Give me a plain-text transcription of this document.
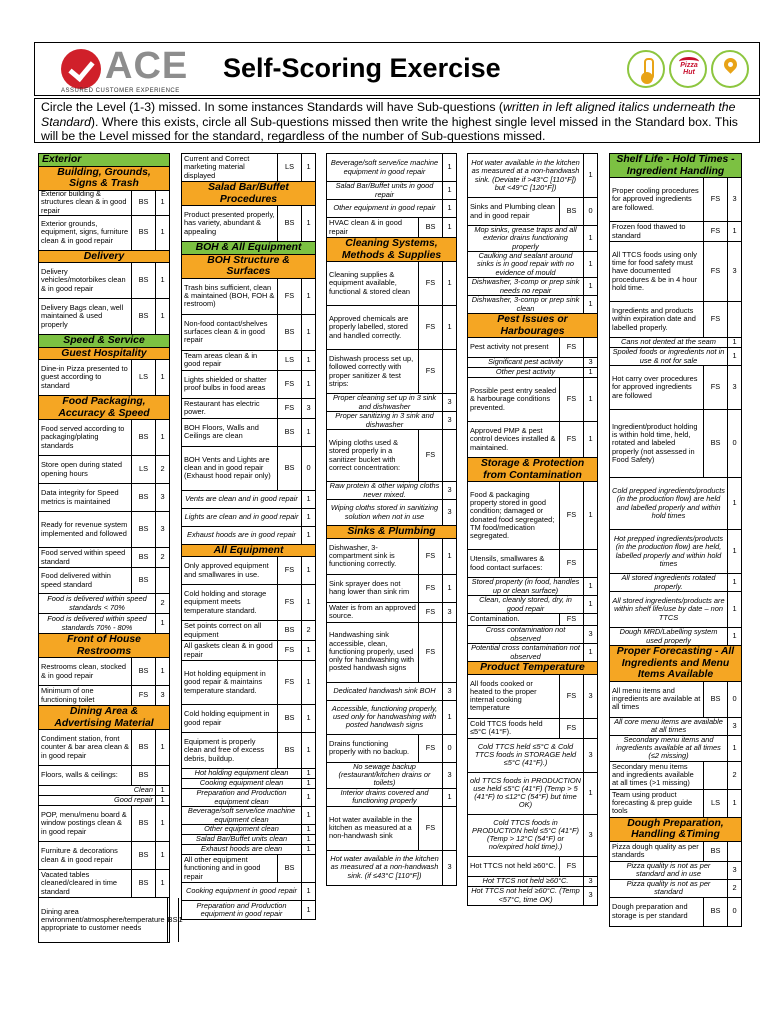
ACE
ASSURED CUSTOMER EXPERIENCE
Self-Scoring Exercise	Pizza Hut
Circle the Level (1-3) missed. In some instances Standards will have Sub-questions (written in left aligned italics underneath the Standard). Where this exists, circle all Sub-questions missed then write the highest single level missed in the Standard box. This will be the Level missed for the standard, regardless of the number of Sub-questions missed.
Exterior
Building, Grounds, Signs & Trash
Exterior building & structures clean & in good repair
BS	1
Exterior grounds, equipment, signs, furniture clean & in good repair
BS	1
Delivery
Delivery vehicles/motorbikes clean & in good repair
BS	1
Delivery Bags clean, well maintained & used properly
BS	1
Speed & Service
Guest Hospitality
Dine-in Pizza presented to guest according to standard
LS	1
Food Packaging, Accuracy & Speed
Food served according to packaging/plating standards
BS	1
Store open during stated opening hours	LS	2
Data integrity for Speed metrics is maintained	BS	3
Ready for revenue system implemented and followed	BS	3
Food served within speed standard	BS	2
Food delivered within speed standard	BS
Food is delivered within speed standards < 70%	2
Food is delivered within speed standards 70% - 80%	1
Front of House Restrooms
Restrooms clean, stocked & in good repair	BS	1
Minimum of one functioning toilet	FS	3
Dining Area & Advertising Material
Condiment station, front counter & bar area clean & in good repair
BS	1
Floors, walls & ceilings:	BS
Clean	1
Good repair	1
POP, menu/menu board & window postings clean & in good repair
BS	1
Furniture & decorations clean & in good repair	BS	1
Vacated tables cleaned/cleared in time standard
BS	1
Dining area environment/atmosphere/temperature appropriate to customer needs
BS 1
Current and Correct marketing material displayed
LS	1
Salad Bar/Buffet Procedures
Product presented properly, has variety, abundant & appealing
BS	1
BOH & All Equipment
BOH Structure & Surfaces
Trash bins sufficient, clean & maintained (BOH, FOH & restroom)
FS	1
Non-food contact/shelves surfaces clean & in good repair
BS	1
Team areas clean & in good repair	LS	1
Lights shielded or shatter proof bulbs in food areas	FS	1
Restaurant has electric power.	FS	3
BOH Floors, Walls and Ceilings are clean	BS	1
BOH Vents and Lights are clean and in good repair (Exhaust hood repair only)
BS	0
Vents are clean and in good repair	1
Lights are clean and in good repair	1
Exhaust hoods are in good repair	1
All Equipment
Only approved equipment and smallwares in use.	FS	1
Cold holding and storage equipment meets temperature standard.
FS	1
Set points correct on all equipment	BS	2
All gaskets clean & in good repair	FS	1
Hot holding equipment in good repair & maintains temperature standard.
FS	1
Cold holding equipment in good repair	BS	1
Equipment is properly clean and free of excess debris, buildup.
BS	1
Hot holding equipment clean	1
Cooking equipment clean	1
Preparation and Production equipment clean	1
Beverage/soft serve/ice machine equipment clean	1
Other equipment clean	1
Salad Bar/Buffet units clean	1
Exhaust hoods are clean	1
All other equipment functioning and in good repair
BS
Cooking equipment in good repair	1
Preparation and Production equipment in good repair	1
Beverage/soft serve/ice machine equipment in good repair	1
Salad Bar/Buffet units in good repair	1
Other equipment in good repair	1
HVAC clean & in good repair	BS	1
Cleaning Systems, Methods & Supplies
Cleaning supplies & equipment available, functional & stored clean
FS	1
Approved chemicals are properly labelled, stored and handled correctly.
FS	1
Dishwash process set up, followed correctly with proper sanitizer & test strips:
FS
Proper cleaning set up in 3 sink and dishwasher	3
Proper sanitizing in 3 sink and dishwasher	3
Wiping cloths used & stored properly in a sanitizer bucket with correct concentration:
FS
Raw protein & other wiping cloths never mixed.	3
Wiping cloths stored in sanitizing solution when not in use	3
Sinks & Plumbing
Dishwasher, 3-compartment sink is functioning correctly.
FS	1
Sink sprayer does not hang lower than sink rim	FS	1
Water is from an approved source.	FS	3
Handwashing sink accessible, clean, functioning properly, used only for handwashing with posted handwash signs
FS
Dedicated handwash sink BOH	3
Accessible, functioning properly, used only for handwashing with posted handwash signs
1
Drains functioning properly with no backup.	FS	0
No sewage backup (restaurant/kitchen drains or toilets)
3
Interior drains covered and functioning properly	1
Hot water available in the kitchen as measured at a non-handwash sink
FS
Hot water available in the kitchen as measured at a non-handwash sink. (if ≤43°C [110°F])
3
Hot water available in the kitchen as measured at a non-handwash sink. (Deviate if >43°C [110°F]) but <49°C [120°F])
1
Sinks and Plumbing clean and in good repair	BS	0
Mop sinks, grease traps and all exterior drains functioning properly
1
Caulking and sealant around sinks is in good repair with no evidence of mould
1
Dishwasher, 3-comp or prep sink needs no repair	1
Dishwasher, 3-comp or prep sink clean	1
Pest Issues or Harbourages
Pest activity not present	FS
Significant pest activity	3
Other pest activity	1
Possible pest entry sealed & harbourage conditions prevented.
FS	1
Approved PMP & pest control devices installed & maintained.
FS	1
Storage & Protection from Contamination
Food & packaging property stored in good condition; damaged or donated food segregated; TM food/medication segregated.
FS	1
Utensils, smallwares & food contact surfaces:	FS
Stored property (in food, handles up or clean surface)	1
Clean, cleanly stored, dry, in good repair	1
Contamination.	FS
Cross contamination not observed	3
Potential cross contamination not observed	1
Product Temperature
All foods cooked or heated to the proper internal cooking temperature
FS	3
Cold TTCS foods held ≤5°C (41°F).	FS
Cold TTCS held ≤5°C & Cold TTCS foods in STORAGE held ≤5°C (41°F).)
3
old TTCS foods in PRODUCTION use held ≤5°C (41°F) (Temp > 5 (41°F) to ≤12°C (54°F) but time OK)
1
Cold TTCS foods in PRODUCTION held ≤5°C (41°F) (Temp > 12°C (54°F) or no/expired hold time).)
3
Hot TTCS not held ≥60°C.	FS
Hot TTCS not held ≥60°C.	3
Hot TTCS not held ≥60°C. (Temp <57°C, time OK)	3
Shelf Life - Hold Times - Ingredient Handling
Proper cooling procedures for approved ingredients are followed.
FS	3
Frozen food thawed to standard	FS	1
All TTCS foods using only time for food safety must have documented procedures & be in 4 hour hold time.
FS	3
Ingredients and products within expiration date and labelled properly.
FS
Cans not dented at the seam	1
Spoiled foods or ingredients not in use & not for sale	1
Hot carry over procedures for approved ingredients are followed
FS	3
Ingredient/product holding is within hold time, held, rotated and labeled properly (not assessed in Food Safety)
BS	0
Cold prepped ingredients/products (in the production flow) are held and labelled properly and within hold times
1
Hot prepped ingredients/products (in the production flow) are held, labelled properly and within hold times
1
All stored ingredients rotated properly.	1
All stored ingredients/products are within shelf life/use by date – non TTCS
1
Dough MRD/Labelling system used properly	1
Proper Forecasting - All Ingredients and Menu Items Available
All menu items and ingredients are available at all times
BS	0
All core menu items are available at all times	3
Secondary menu items and ingredients available at all times (≤2 missing)
1
Secondary menu items and ingredients available at all times (>1 missing)
2
Team using product forecasting & prep guide tools
LS	1
Dough Preparation, Handling &Timing
Pizza dough quality as per standards	BS
Pizza quality is not as per standard and in use	3
Pizza quality is not as per standard	2
Dough preparation and storage is per standard	BS	0
